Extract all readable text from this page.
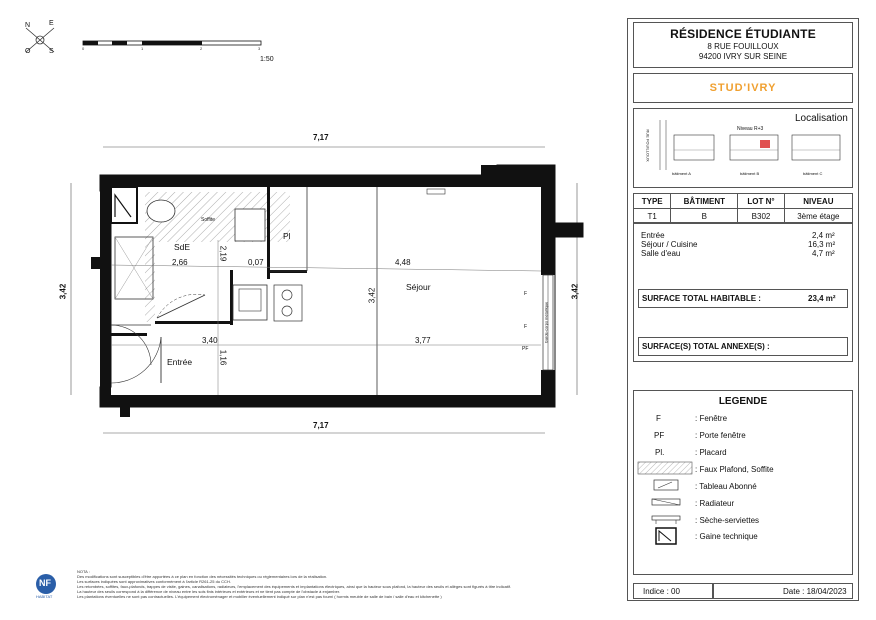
N	E
O	S	0	1	2	3
1:50
7,17
7,17
3,42	3,42
2,66
2,19
0,07	4,48
3,42
3,40
1,16
3,77
SdE
Soffite
Pl
Séjour
Entrée
F
F
PF
Garde-corps métallique
NF
HABITAT
NOTA :
Des modifications sont susceptibles d'être apportées à ce plan en fonction des nécessités techniques ou réglementaires lors de la réalisation.
Les surfaces indiquées sont approximatives conformément à l'article R261-25 du CCH.
Les retombées, soffites, faux-plafonds, trappes de visite, gaines, canalisations, radiateurs, l'emplacement des équipements et implantations électriques, ainsi que la hauteur sous plafond, la hauteur des seuils et allèges sont figurés à titre indicatif.
La hauteur des seuils correspond à la différence de niveau entre les sols finis intérieurs et extérieurs et ne tient pas compte de l'obstacle à enjamber.
Les plantations éventuelles ne sont pas contractuelles. L'équipement électroménager et mobilier éventuellement indiqué sur plan n'est pas fourni ( hormis meuble de salle de bain / salle d'eau et kitchenette )
RÉSIDENCE ÉTUDIANTE
8 RUE FOUILLOUX
94200 IVRY SUR SEINE
STUD'IVRY
Localisation
RUE FOUILLOUX
Niveau R+3
bâtiment A	bâtiment B	bâtiment C
TYPE	BÂTIMENT	LOT N°	NIVEAU
T1	B	B302	3ème étage
Entrée	2,4 m²
Séjour / Cuisine	16,3 m²
Salle d'eau	4,7 m²
SURFACE TOTAL HABITABLE :	23,4 m²
SURFACE(S) TOTAL ANNEXE(S) :
LEGENDE
F	: Fenêtre
PF	: Porte fenêtre
Pl.	: Placard
: Faux Plafond, Soffite
: Tableau Abonné
: Radiateur
: Sèche-serviettes
: Gaine technique
Indice : 00	Date : 18/04/2023
